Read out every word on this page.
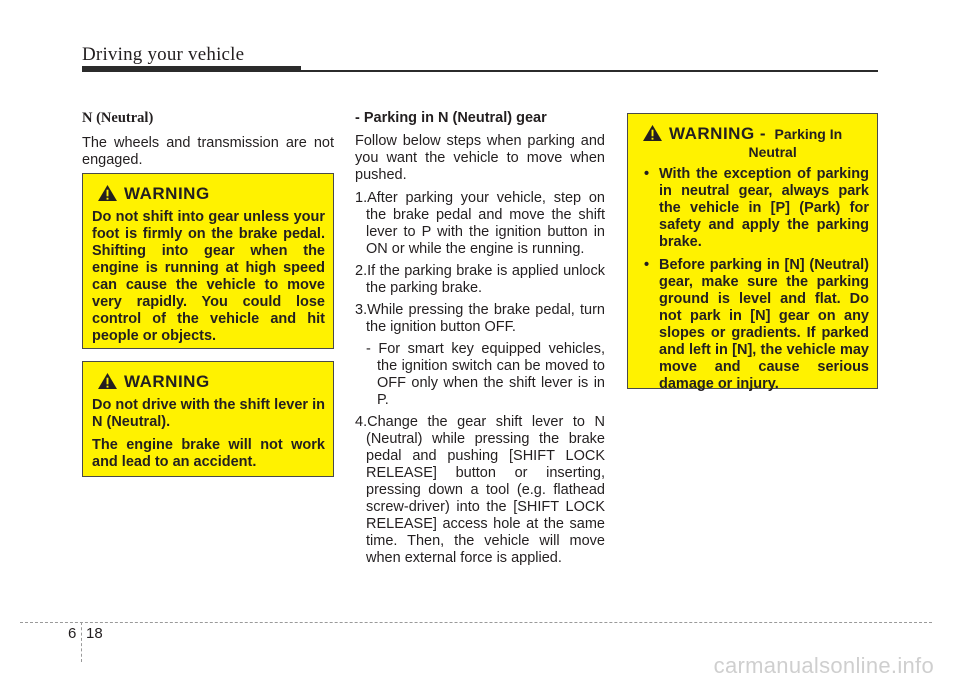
Driving your vehicle

N (Neutral)

The wheels and transmission are not engaged.

WARNING

Do not shift into gear unless your foot is firmly on the brake pedal. Shifting into gear when the engine is running at high speed can cause the vehicle to move very rapidly. You could lose control of the vehicle and hit people or objects.

WARNING

Do not drive with the shift lever in N (Neutral).

The engine brake will not work and lead to an accident.

- Parking in N (Neutral) gear

Follow below steps when parking and you want the vehicle to move when pushed.

1.After parking your vehicle, step on the brake pedal and move the shift lever to P with the ignition button in ON or while the engine is running.
2.If the parking brake is applied unlock the parking brake.
3.While pressing the brake pedal, turn the ignition button OFF.
- For smart key equipped vehicles, the ignition switch can be moved to OFF only when the shift lever is in P.
4.Change the gear shift lever to N (Neutral) while pressing the brake pedal and pushing [SHIFT LOCK RELEASE] button or inserting, pressing down a tool (e.g. flathead screw-driver) into the [SHIFT LOCK RELEASE] access hole at the same time. Then, the vehicle will move when external force is applied.
WARNING - Parking In
Neutral
• With the exception of parking in neutral gear, always park the vehicle in [P] (Park) for safety and apply the parking brake.
• Before parking in [N] (Neutral) gear, make sure the parking ground is level and flat. Do not park in [N] gear on any slopes or gradients. If parked and left in [N], the vehicle may move and cause serious damage or injury.
6 18
carmanualsonline.info
